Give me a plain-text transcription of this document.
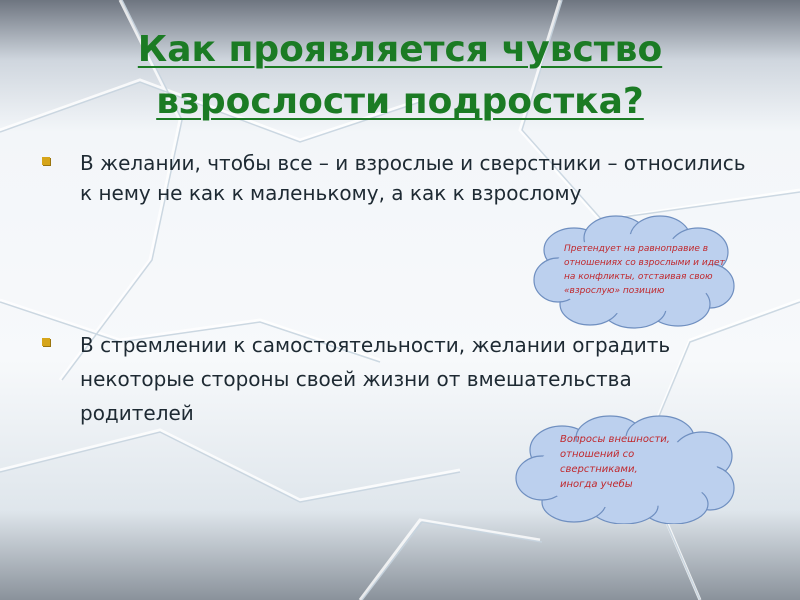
Как проявляется чувство взрослости подростка?

В желании, чтобы все – и взрослые и сверстники – относились к нему не как к маленькому, а как к взрослому

В стремлении к самостоятельности, желании оградить некоторые стороны своей жизни от вмешательства родителей

Претендует на равноправие в отношениях со взрослыми и идет на конфликты, отстаивая свою «взрослую» позицию

Вопросы внешности, отношений со сверстниками, иногда учебы
